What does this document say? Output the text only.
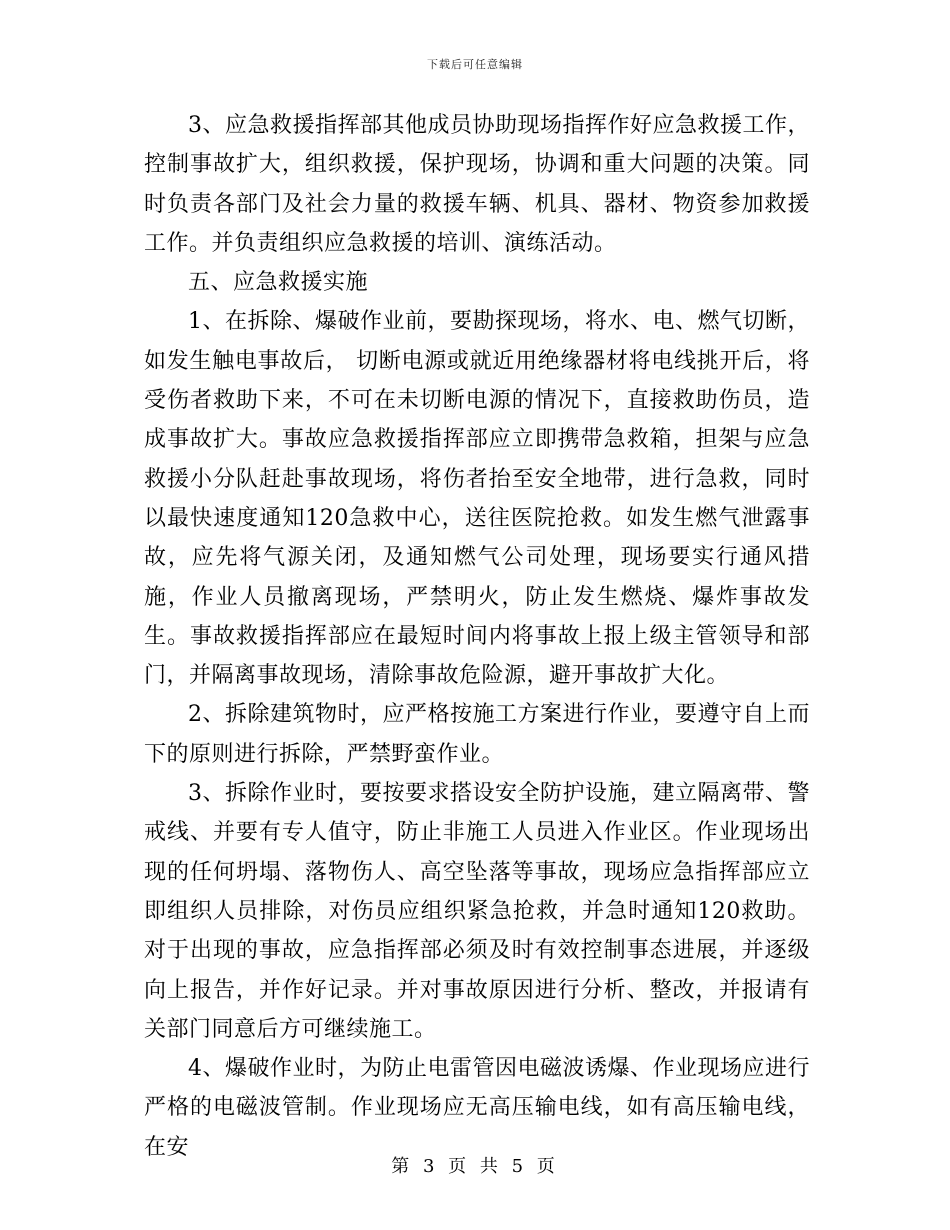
下载后可任意编辑

3、应急救援指挥部其他成员协助现场指挥作好应急救援工作，控制事故扩大，组织救援，保护现场，协调和重大问题的决策。同时负责各部门及社会力量的救援车辆、机具、器材、物资参加救援工作。并负责组织应急救援的培训、演练活动。

五、应急救援实施

1、在拆除、爆破作业前，要勘探现场，将水、电、燃气切断，如发生触电事故后， 切断电源或就近用绝缘器材将电线挑开后，将受伤者救助下来，不可在未切断电源的情况下，直接救助伤员，造成事故扩大。事故应急救援指挥部应立即携带急救箱，担架与应急救援小分队赶赴事故现场，将伤者抬至安全地带，进行急救，同时以最快速度通知120急救中心，送往医院抢救。如发生燃气泄露事故，应先将气源关闭，及通知燃气公司处理，现场要实行通风措施，作业人员撤离现场，严禁明火，防止发生燃烧、爆炸事故发生。事故救援指挥部应在最短时间内将事故上报上级主管领导和部门，并隔离事故现场，清除事故危险源，避开事故扩大化。

2、拆除建筑物时，应严格按施工方案进行作业，要遵守自上而下的原则进行拆除，严禁野蛮作业。

3、拆除作业时，要按要求搭设安全防护设施，建立隔离带、警戒线、并要有专人值守，防止非施工人员进入作业区。作业现场出现的任何坍塌、落物伤人、高空坠落等事故，现场应急指挥部应立即组织人员排除，对伤员应组织紧急抢救，并急时通知120救助。对于出现的事故，应急指挥部必须及时有效控制事态进展，并逐级向上报告，并作好记录。并对事故原因进行分析、整改，并报请有关部门同意后方可继续施工。

4、爆破作业时，为防止电雷管因电磁波诱爆、作业现场应进行严格的电磁波管制。作业现场应无高压输电线，如有高压输电线，在安

第 3 页 共 5 页
